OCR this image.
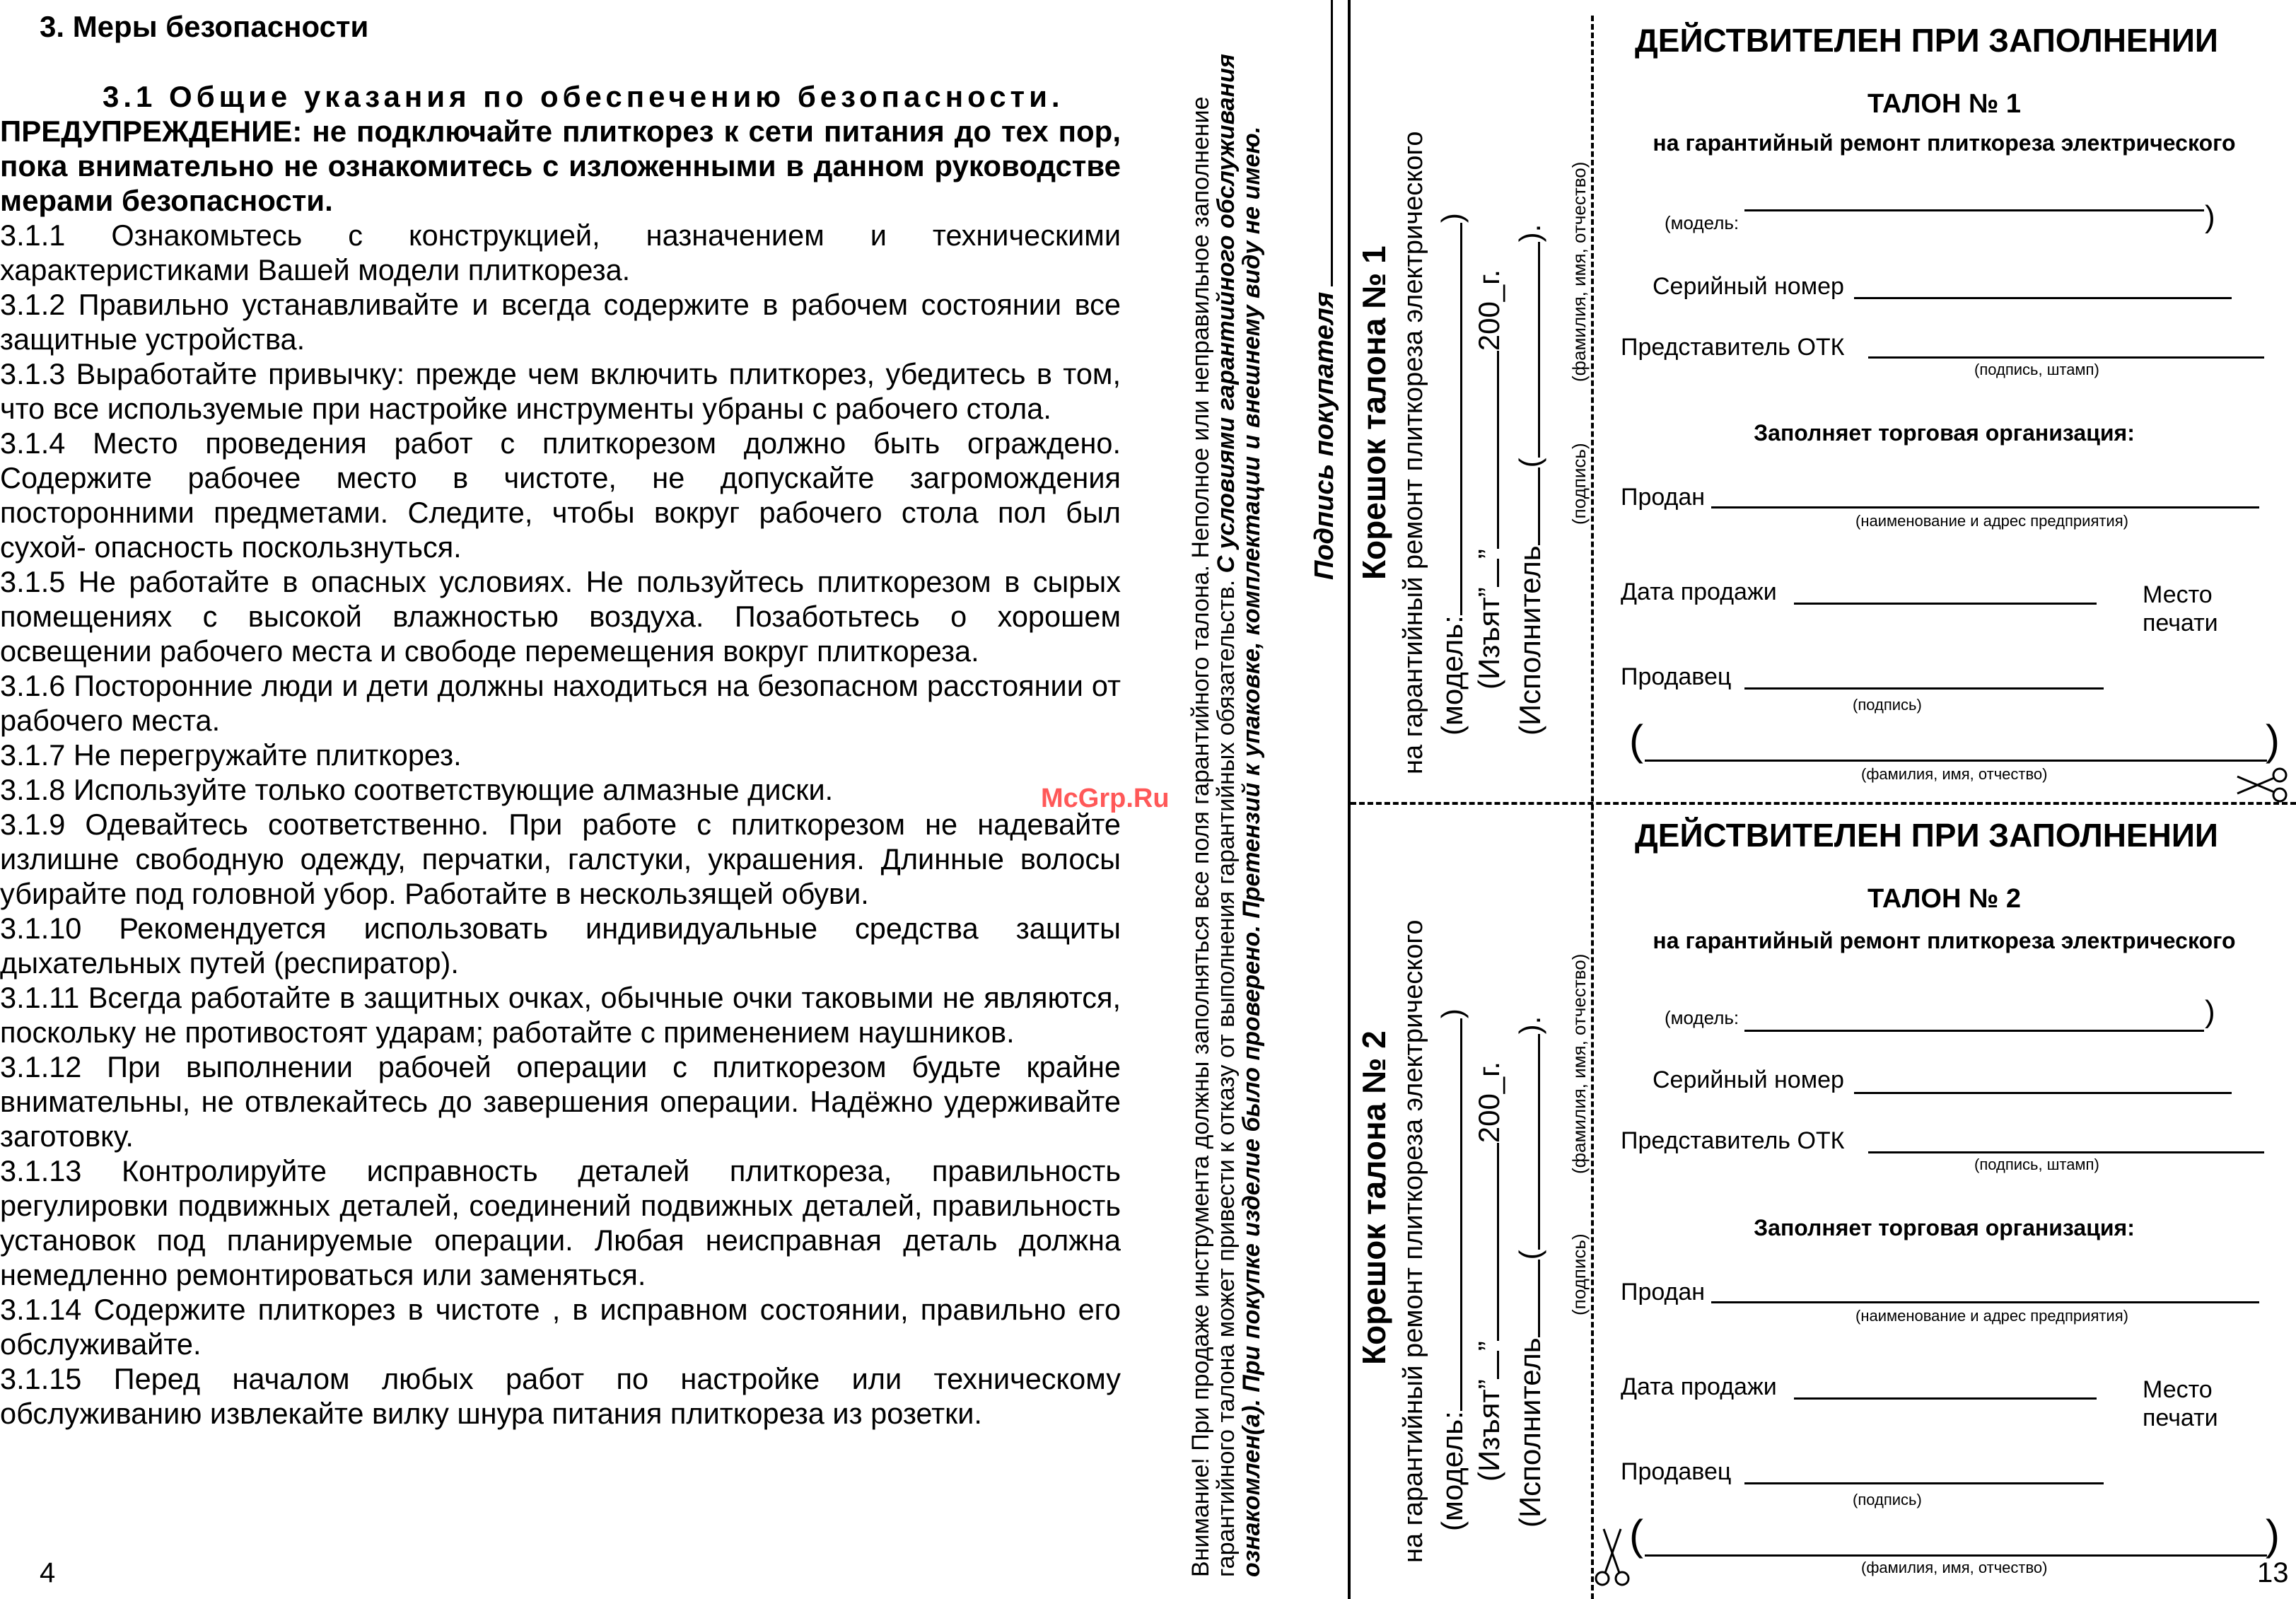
3. Меры безопасности
3.1 Общие указания по обеспечению безопасности.
ПРЕДУПРЕЖДЕНИЕ: не подключайте плиткорез к сети питания до тех пор, пока внимательно не ознакомитесь с изложенными в данном руководстве мерами безопасности.

3.1.1 Ознакомьтесь с конструкцией, назначением и техническими характеристиками Вашей модели плиткореза.

3.1.2 Правильно устанавливайте и всегда содержите в рабочем состоянии все защитные устройства.

3.1.3 Выработайте привычку: прежде чем включить плиткорез, убедитесь в том, что все используемые при настройке инструменты убраны с рабочего стола.

3.1.4 Место проведения работ с плиткорезом должно быть ограждено. Содержите рабочее место в чистоте, не допускайте загромождения посторонними предметами. Следите, чтобы вокруг рабочего стола пол был сухой- опасность поскользнуться.

3.1.5 Не работайте в опасных условиях. Не пользуйтесь плиткорезом в сырых помещениях с высокой влажностью воздуха. Позаботьтесь о хорошем освещении рабочего места и свободе перемещения вокруг плиткореза.

3.1.6 Посторонние люди и дети должны находиться на безопасном расстоянии от рабочего места.

3.1.7 Не перегружайте плиткорез.

3.1.8 Используйте только соответствующие алмазные диски.

3.1.9 Одевайтесь соответственно. При работе с плиткорезом не надевайте излишне свободную одежду, перчатки, галстуки, украшения. Длинные волосы убирайте под головной убор. Работайте в нескользящей обуви.

3.1.10 Рекомендуется использовать индивидуальные средства защиты дыхательных путей (респиратор).

3.1.11 Всегда работайте в защитных очках, обычные очки таковыми не являются, поскольку не противостоят ударам; работайте с применением наушников.

3.1.12 При выполнении рабочей операции с плиткорезом будьте крайне внимательны, не отвлекайтесь до завершения операции. Надёжно удерживайте заготовку.

3.1.13 Контролируйте исправность деталей плиткореза, правильность регулировки подвижных деталей, соединений подвижных деталей, правильность установок под планируемые операции. Любая неисправная деталь должна немедленно ремонтироваться или заменяться.

3.1.14 Содержите плиткорез в чистоте , в исправном состоянии, правильно его обслуживайте.

3.1.15 Перед началом любых работ по настройке или техническому обслуживанию извлекайте вилку шнура питания плиткореза из розетки.

4	Внимание! При продаже инструмента должны заполняться все поля гарантийного талона. Неполное или неправильное заполнение гарантийного талона может привести к отказу от выполнения гарантийных обязательств. С условиями гарантийного обслуживания ознакомлен(а). При покупке изделие было проверено. Претензий к упаковке, комплектации и внешнему виду не имею. Подпись покупателя
McGrp.Ru
Корешок талона № 1 на гарантийный ремонт плиткореза электрического (модель:)
(Изъят””200_г.
(Исполнитель().
(подпись)
(фамилия, имя, отчество)
Корешок талона № 2 на гарантийный ремонт плиткореза электрического (модель:)
(Изъят””200_г.
(Исполнитель().
(подпись)
(фамилия, имя, отчество)
ДЕЙСТВИТЕЛЕН ПРИ ЗАПОЛНЕНИИ
ТАЛОН № 1
на гарантийный ремонт плиткореза электрического
(модель:	)
Серийный номер
Представитель ОТК
(подпись, штамп)
Заполняет торговая организация:
Продан
(наименование и адрес предприятия)
Дата продажи	Место
печати
Продавец
(подпись)
(	)
(фамилия, имя, отчество)
ДЕЙСТВИТЕЛЕН ПРИ ЗАПОЛНЕНИИ
ТАЛОН № 2
на гарантийный ремонт плиткореза электрического
(модель:	)
Серийный номер
Представитель ОТК
(подпись, штамп)
Заполняет торговая организация:
Продан
(наименование и адрес предприятия)
Дата продажи	Место
печати
Продавец
(подпись)
(	)
(фамилия, имя, отчество)	13
